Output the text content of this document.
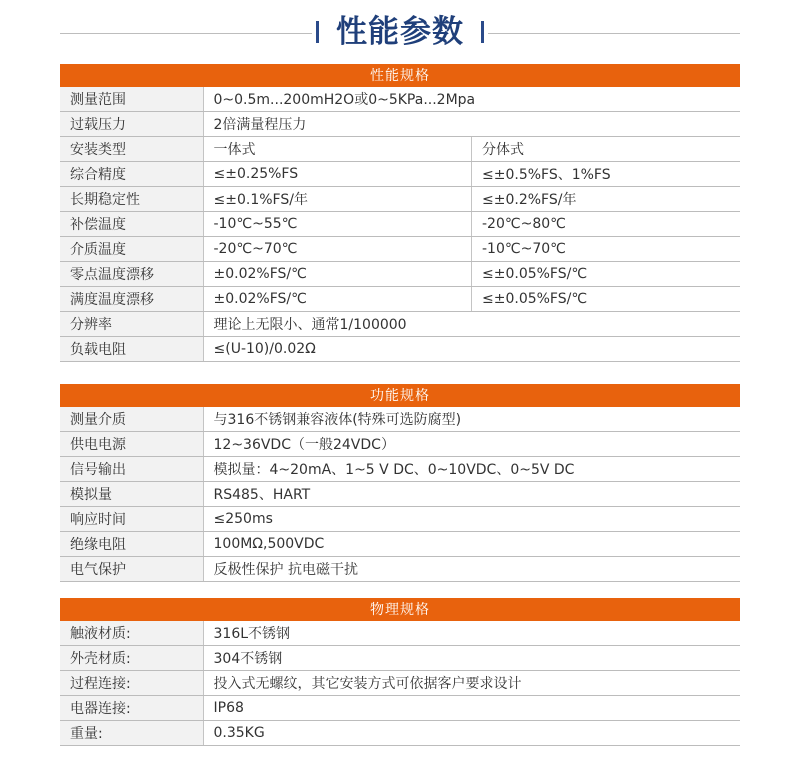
性能参数
性能规格
测量范围	0~0.5m...200mH2O或0~5KPa...2Mpa	
过载压力	2倍满量程压力	
安装类型	一体式	分体式
综合精度	≤±0.25%FS	≤±0.5%FS、1%FS
长期稳定性	≤±0.1%FS/年	≤±0.2%FS/年
补偿温度	-10℃~55℃	-20℃~80℃
介质温度	-20℃~70℃	-10℃~70℃
零点温度漂移	±0.02%FS/℃	≤±0.05%FS/℃
满度温度漂移	±0.02%FS/℃	≤±0.05%FS/℃
分辨率	理论上无限小、通常1/100000	
负载电阻	≤(U-10)/0.02Ω	
功能规格
测量介质	与316不锈钢兼容液体(特殊可选防腐型)
供电电源	12~36VDC（一般24VDC）
信号输出	模拟量：4~20mA、1~5 V DC、0~10VDC、0~5V DC
模拟量	RS485、HART
响应时间	≤250ms
绝缘电阻	100MΩ,500VDC
电气保护	反极性保护 抗电磁干扰
物理规格
触液材质:	316L不锈钢
外壳材质:	304不锈钢
过程连接:	投入式无螺纹，其它安装方式可依据客户要求设计
电器连接:	IP68
重量:	0.35KG
